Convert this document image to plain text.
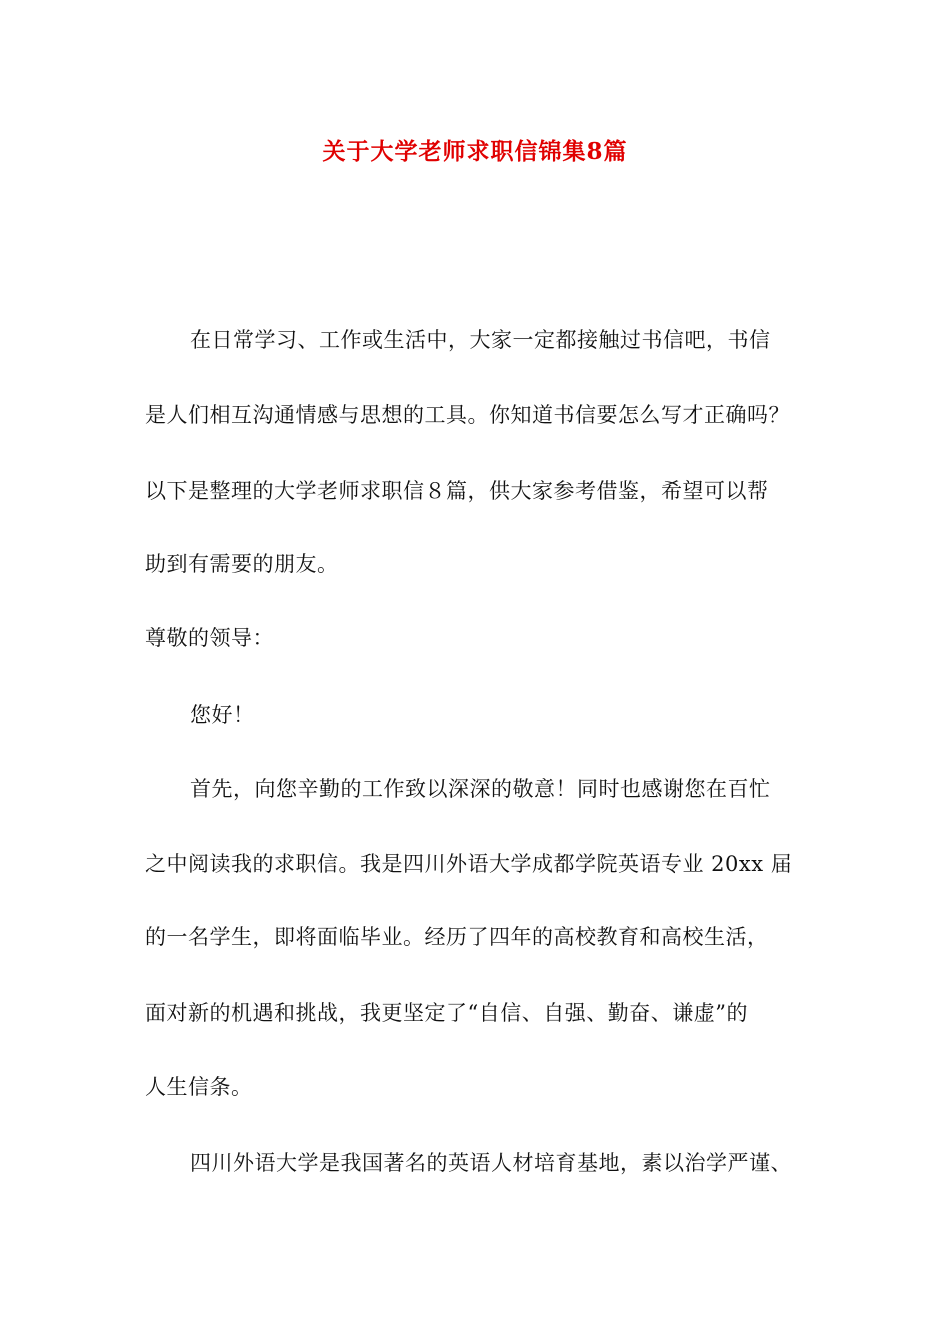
关于大学老师求职信锦集8篇
在日常学习、工作或生活中，大家一定都接触过书信吧，书信
是人们相互沟通情感与思想的工具。你知道书信要怎么写才正确吗？
以下是整理的大学老师求职信８篇，供大家参考借鉴，希望可以帮
助到有需要的朋友。
尊敬的领导：
您好！
首先，向您辛勤的工作致以深深的敬意！同时也感谢您在百忙
之中阅读我的求职信。我是四川外语大学成都学院英语专业 20xx 届
的一名学生，即将面临毕业。经历了四年的高校教育和高校生活，
面对新的机遇和挑战，我更坚定了“自信、自强、勤奋、谦虚”的
人生信条。
四川外语大学是我国著名的英语人材培育基地，素以治学严谨、
